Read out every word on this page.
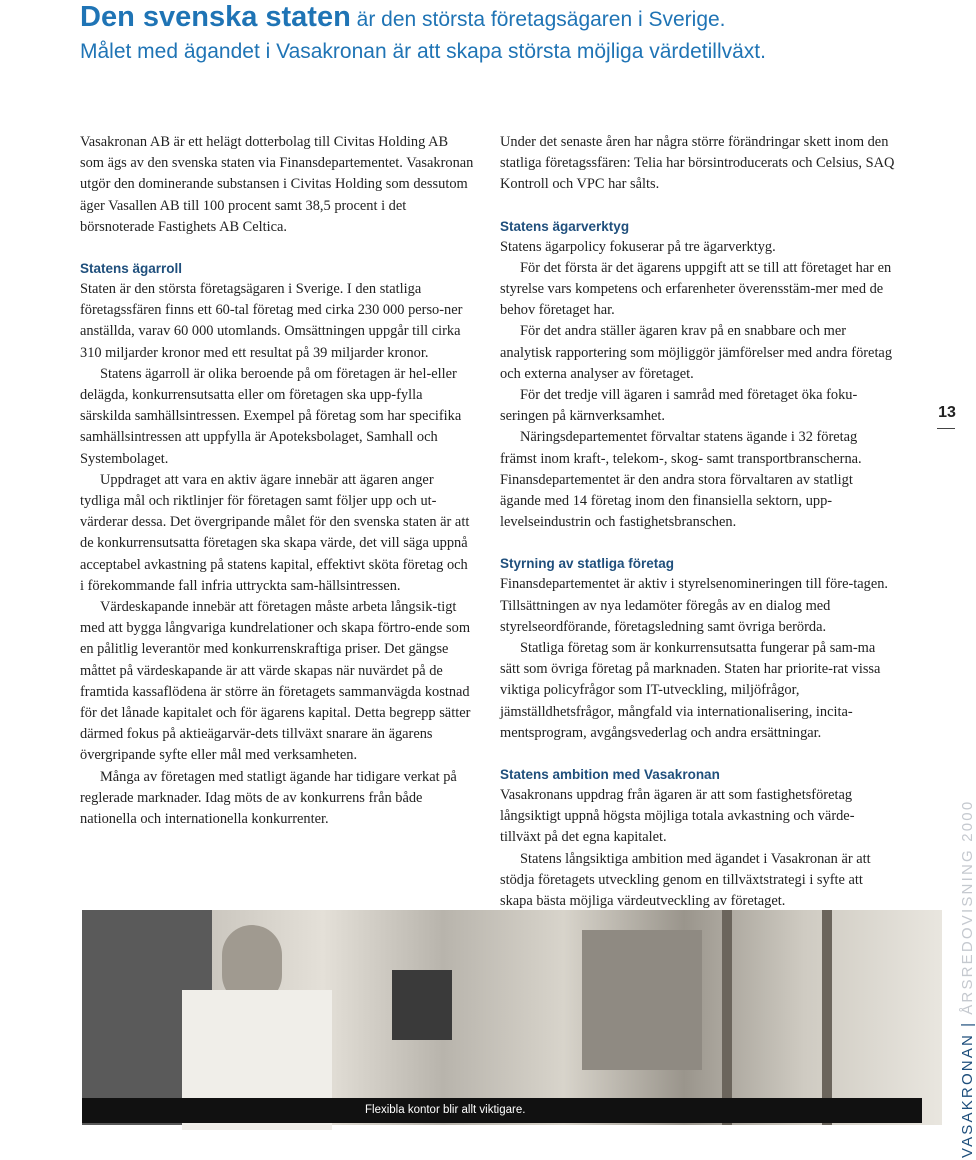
Den svenska staten är den största företagsägaren i Sverige.
Målet med ägandet i Vasakronan är att skapa största möjliga värdetillväxt.

Vasakronan AB är ett helägt dotterbolag till Civitas Holding AB som ägs av den svenska staten via Finansdepartementet. Vasakronan utgör den dominerande substansen i Civitas Holding som dessutom äger Vasallen AB till 100 procent samt 38,5 procent i det börsnoterade Fastighets AB Celtica.

Statens ägarroll

Staten är den största företagsägaren i Sverige. I den statliga företagssfären finns ett 60-tal företag med cirka 230 000 perso-ner anställda, varav 60 000 utomlands. Omsättningen uppgår till cirka 310 miljarder kronor med ett resultat på 39 miljarder kronor.

Statens ägarroll är olika beroende på om företagen är hel-eller delägda, konkurrensutsatta eller om företagen ska upp-fylla särskilda samhällsintressen. Exempel på företag som har specifika samhällsintressen att uppfylla är Apoteksbolaget, Samhall och Systembolaget.

Uppdraget att vara en aktiv ägare innebär att ägaren anger tydliga mål och riktlinjer för företagen samt följer upp och ut-värderar dessa. Det övergripande målet för den svenska staten är att de konkurrensutsatta företagen ska skapa värde, det vill säga uppnå acceptabel avkastning på statens kapital, effektivt sköta företag och i förekommande fall infria uttryckta sam-hällsintressen.

Värdeskapande innebär att företagen måste arbeta långsik-tigt med att bygga långvariga kundrelationer och skapa förtro-ende som en pålitlig leverantör med konkurrenskraftiga priser. Det gängse måttet på värdeskapande är att värde skapas när nuvärdet på de framtida kassaflödena är större än företagets sammanvägda kostnad för det lånade kapitalet och för ägarens kapital. Detta begrepp sätter därmed fokus på aktieägarvär-dets tillväxt snarare än ägarens övergripande syfte eller mål med verksamheten.

Många av företagen med statligt ägande har tidigare verkat på reglerade marknader. Idag möts de av konkurrens från både nationella och internationella konkurrenter.

Under det senaste åren har några större förändringar skett inom den statliga företagssfären: Telia har börsintroducerats och Celsius, SAQ Kontroll och VPC har sålts.

Statens ägarverktyg

Statens ägarpolicy fokuserar på tre ägarverktyg.

För det första är det ägarens uppgift att se till att företaget har en styrelse vars kompetens och erfarenheter överensstäm-mer med de behov företaget har.

För det andra ställer ägaren krav på en snabbare och mer analytisk rapportering som möjliggör jämförelser med andra företag och externa analyser av företaget.

För det tredje vill ägaren i samråd med företaget öka foku-seringen på kärnverksamhet.

Näringsdepartementet förvaltar statens ägande i 32 företag främst inom kraft-, telekom-, skog- samt transportbranscherna. Finansdepartementet är den andra stora förvaltaren av statligt ägande med 14 företag inom den finansiella sektorn, upp-levelseindustrin och fastighetsbranschen.

Styrning av statliga företag

Finansdepartementet är aktiv i styrelsenomineringen till före-tagen. Tillsättningen av nya ledamöter föregås av en dialog med styrelseordförande, företagsledning samt övriga berörda.

Statliga företag som är konkurrensutsatta fungerar på sam-ma sätt som övriga företag på marknaden. Staten har priorite-rat vissa viktiga policyfrågor som IT-utveckling, miljöfrågor, jämställdhetsfrågor, mångfald via internationalisering, incita-mentsprogram, avgångsvederlag och andra ersättningar.

Statens ambition med Vasakronan

Vasakronans uppdrag från ägaren är att som fastighetsföretag långsiktigt uppnå högsta möjliga totala avkastning och värde-tillväxt på det egna kapitalet.

Statens långsiktiga ambition med ägandet i Vasakronan är att stödja företagets utveckling genom en tillväxtstrategi i syfte att skapa bästa möjliga värdeutveckling av företaget.

Flexibla kontor blir allt viktigare.
13
VASAKRONAN|ÅRSREDOVISNING 2000
